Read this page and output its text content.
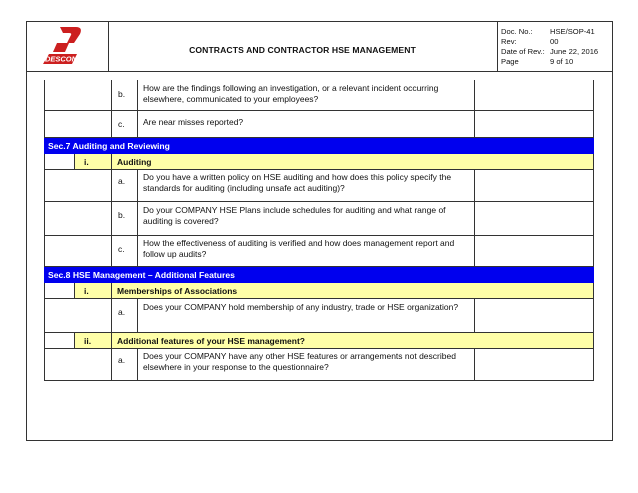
DESCON
CONTRACTS AND CONTRACTOR HSE MANAGEMENT
Doc. No.: HSE/SOP-41
Rev:	00
Date of Rev.: June 22, 2016
Page	9 of 10
b.
How are the findings following an investigation, or a relevant incident occurring elsewhere, communicated to your employees?
c. Are near misses reported?
Sec.7 Auditing and Reviewing
i.	Auditing
a. Do you have a written policy on HSE auditing and how does this policy specify the standards for auditing (including unsafe act auditing)?
b. Do your COMPANY HSE Plans include schedules for auditing and what range of auditing is covered?
c.
How the effectiveness of auditing is verified and how does management report and follow up audits?
Sec.8 HSE Management – Additional Features
i.	Memberships of Associations
a. Does your COMPANY hold membership of any industry, trade or HSE organization?
ii.	Additional features of your HSE management?
a. Does your COMPANY have any other HSE features or arrangements not described elsewhere in your response to the questionnaire?
